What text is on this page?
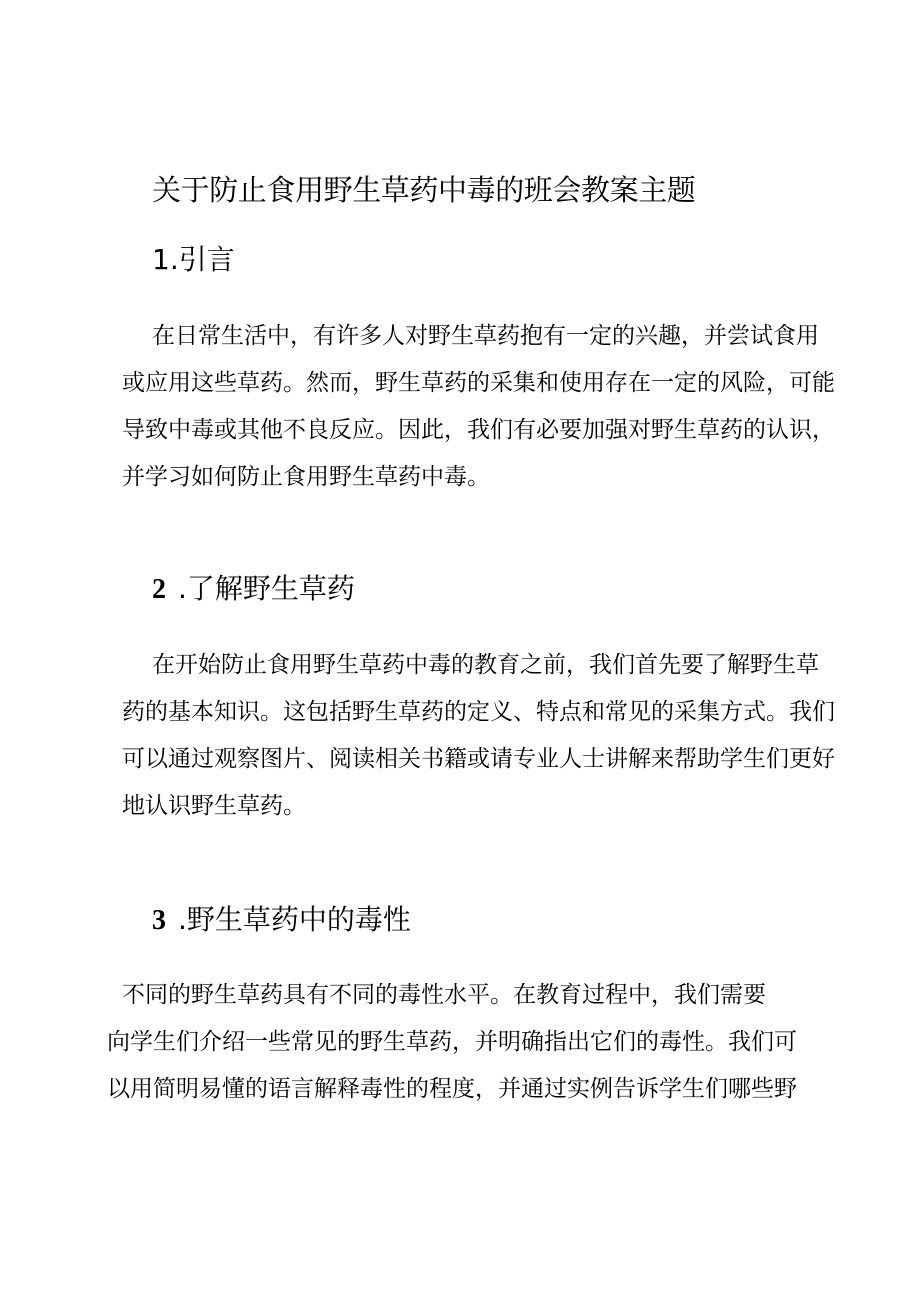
关于防止食用野生草药中毒的班会教案主题
1.引言
在日常生活中，有许多人对野生草药抱有一定的兴趣，并尝试食用
或应用这些草药。然而，野生草药的采集和使用存在一定的风险，可能
导致中毒或其他不良反应。因此，我们有必要加强对野生草药的认识，
并学习如何防止食用野生草药中毒。
2 .了解野生草药
在开始防止食用野生草药中毒的教育之前，我们首先要了解野生草
药的基本知识。这包括野生草药的定义、特点和常见的采集方式。我们
可以通过观察图片、阅读相关书籍或请专业人士讲解来帮助学生们更好
地认识野生草药。
3 .野生草药中的毒性
不同的野生草药具有不同的毒性水平。在教育过程中，我们需要
向学生们介绍一些常见的野生草药，并明确指出它们的毒性。我们可
以用简明易懂的语言解释毒性的程度，并通过实例告诉学生们哪些野
